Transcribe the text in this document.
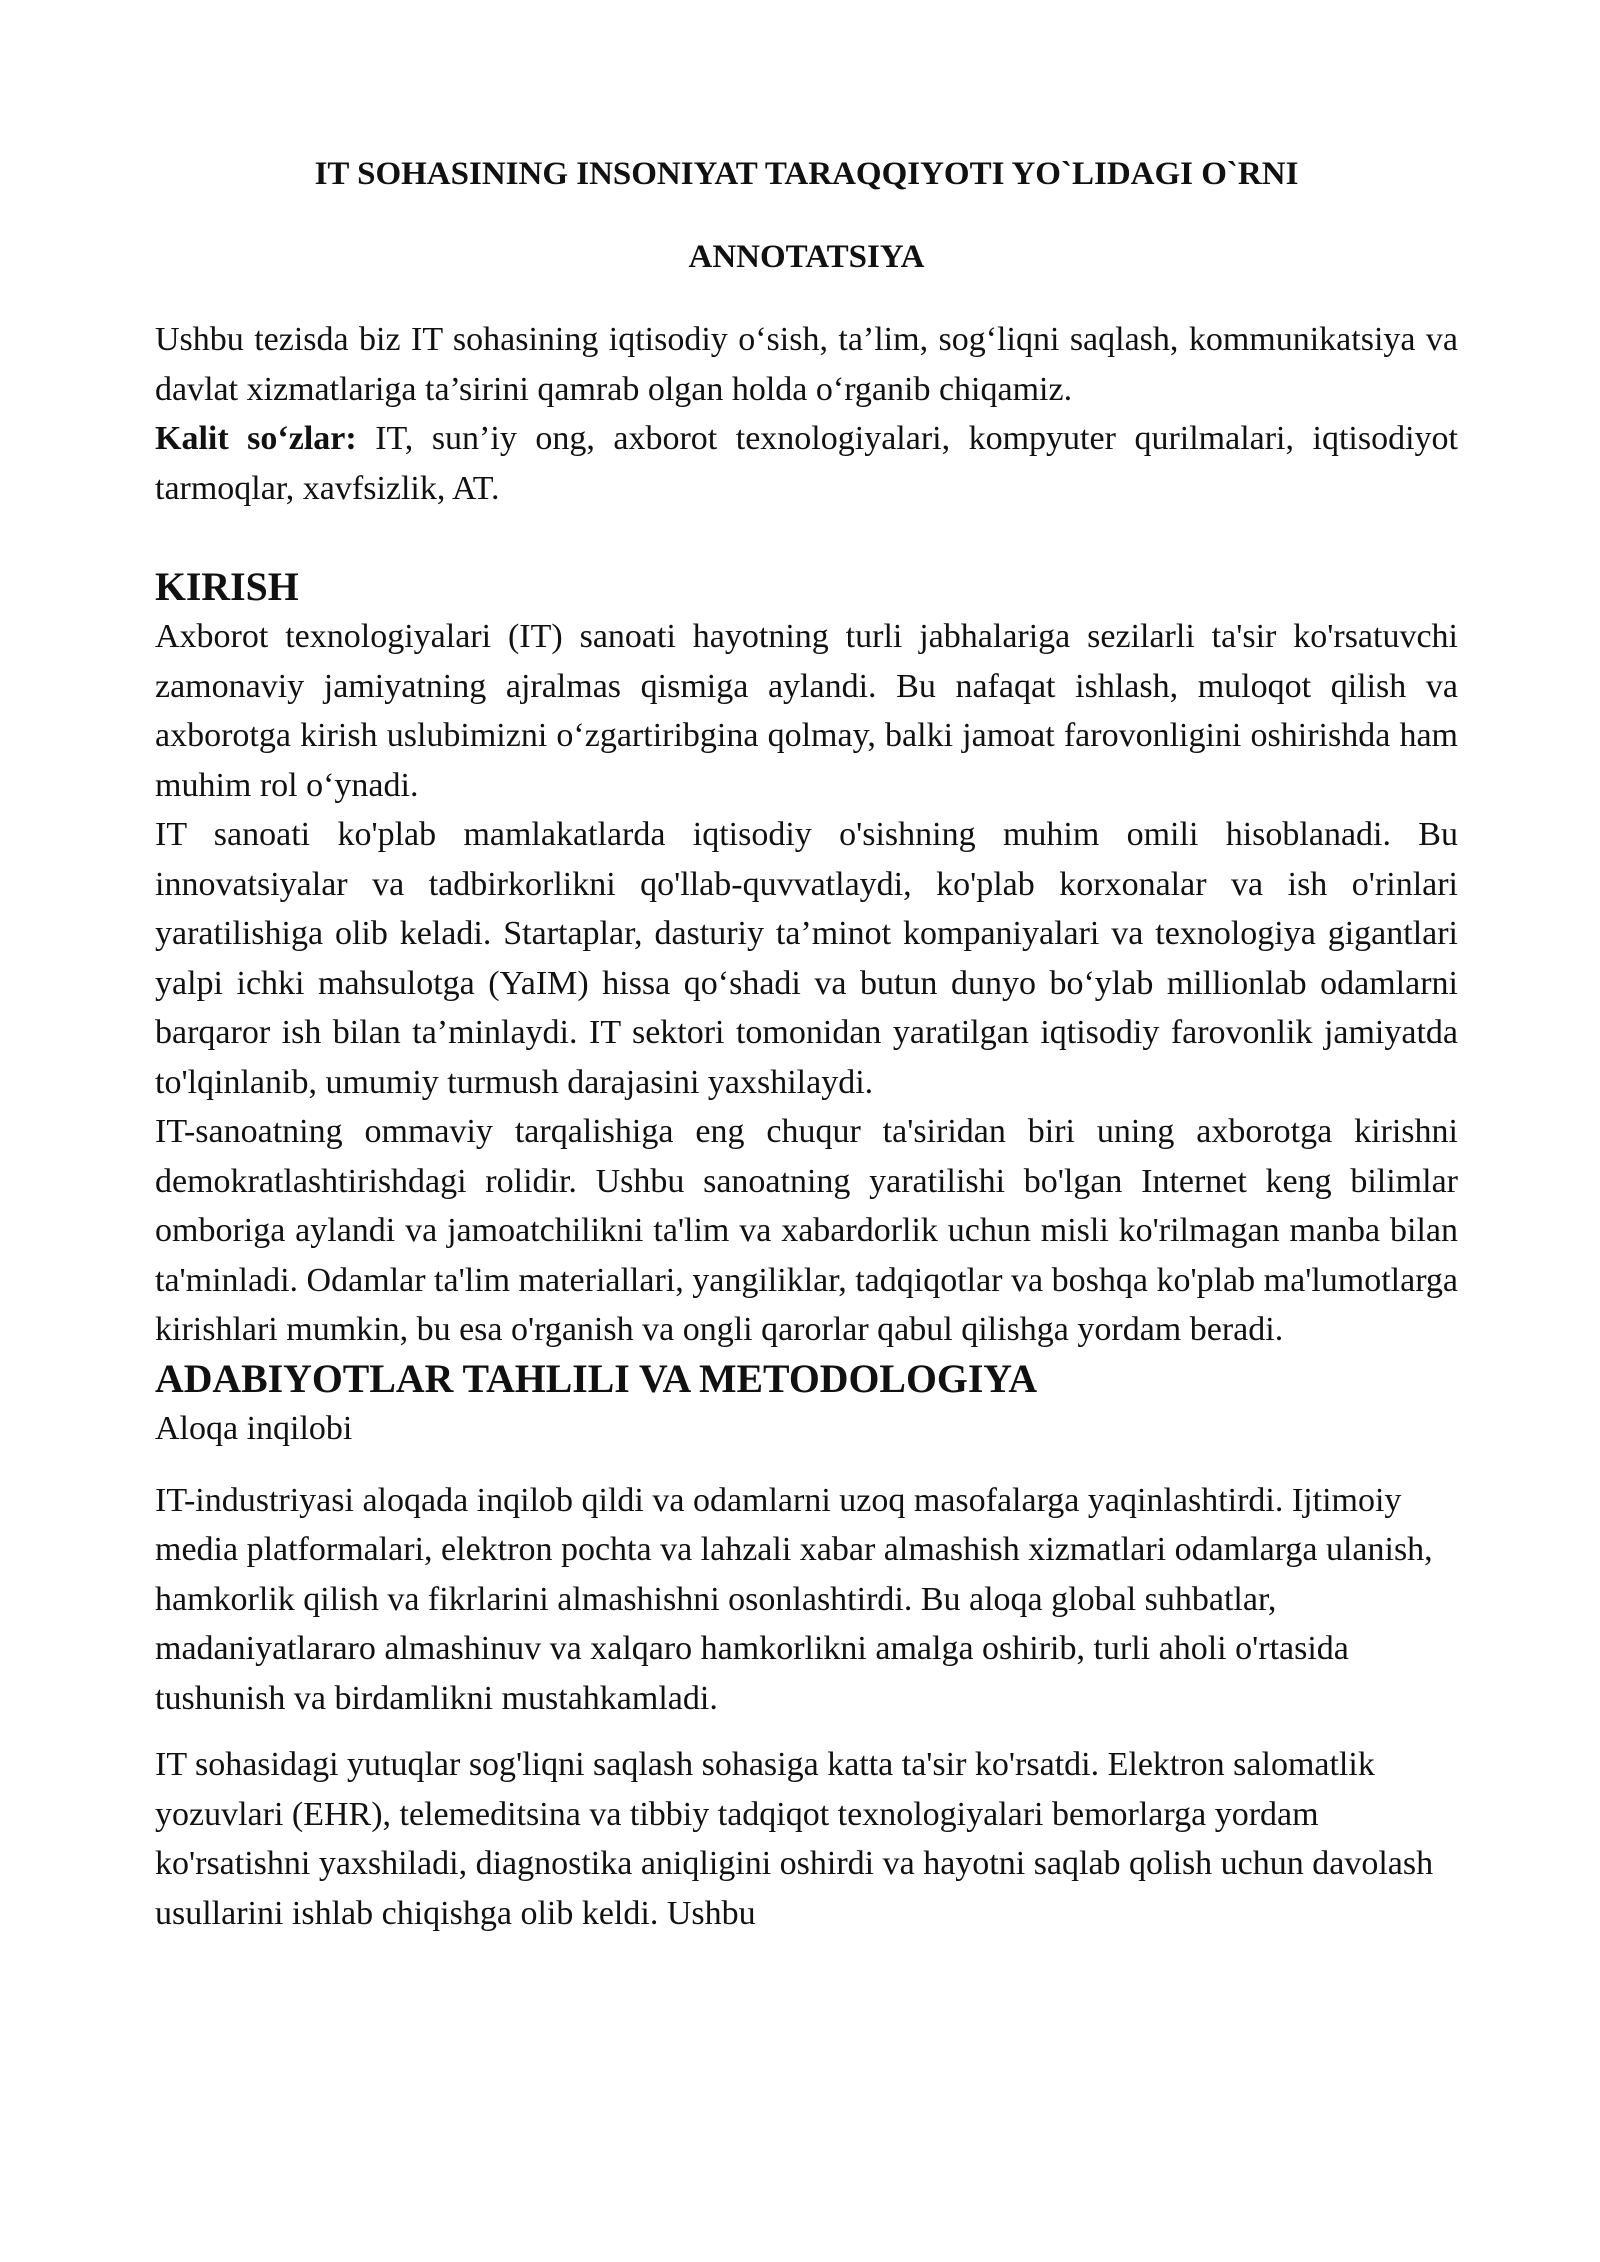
IT SOHASINING INSONIYAT TARAQQIYOTI YO`LIDAGI O`RNI
ANNOTATSIYA

Ushbu tezisda biz IT sohasining iqtisodiy o‘sish, ta’lim, sog‘liqni saqlash, kommunikatsiya va davlat xizmatlariga ta’sirini qamrab olgan holda o‘rganib chiqamiz.

Kalit so‘zlar: IT, sun’iy ong, axborot texnologiyalari, kompyuter qurilmalari, iqtisodiyot tarmoqlar, xavfsizlik, AT.

KIRISH

Axborot texnologiyalari (IT) sanoati hayotning turli jabhalariga sezilarli ta'sir ko'rsatuvchi zamonaviy jamiyatning ajralmas qismiga aylandi. Bu nafaqat ishlash, muloqot qilish va axborotga kirish uslubimizni o‘zgartiribgina qolmay, balki jamoat farovonligini oshirishda ham muhim rol o‘ynadi.

IT sanoati ko'plab mamlakatlarda iqtisodiy o'sishning muhim omili hisoblanadi. Bu innovatsiyalar va tadbirkorlikni qo'llab-quvvatlaydi, ko'plab korxonalar va ish o'rinlari yaratilishiga olib keladi. Startaplar, dasturiy ta’minot kompaniyalari va texnologiya gigantlari yalpi ichki mahsulotga (YaIM) hissa qo‘shadi va butun dunyo bo‘ylab millionlab odamlarni barqaror ish bilan ta’minlaydi. IT sektori tomonidan yaratilgan iqtisodiy farovonlik jamiyatda to'lqinlanib, umumiy turmush darajasini yaxshilaydi.

IT-sanoatning ommaviy tarqalishiga eng chuqur ta'siridan biri uning axborotga kirishni demokratlashtirishdagi rolidir. Ushbu sanoatning yaratilishi bo'lgan Internet keng bilimlar omboriga aylandi va jamoatchilikni ta'lim va xabardorlik uchun misli ko'rilmagan manba bilan ta'minladi. Odamlar ta'lim materiallari, yangiliklar, tadqiqotlar va boshqa ko'plab ma'lumotlarga kirishlari mumkin, bu esa o'rganish va ongli qarorlar qabul qilishga yordam beradi.

ADABIYOTLAR TAHLILI VA METODOLOGIYA

Aloqa inqilobi

IT-industriyasi aloqada inqilob qildi va odamlarni uzoq masofalarga yaqinlashtirdi. Ijtimoiy media platformalari, elektron pochta va lahzali xabar almashish xizmatlari odamlarga ulanish, hamkorlik qilish va fikrlarini almashishni osonlashtirdi. Bu aloqa global suhbatlar, madaniyatlararo almashinuv va xalqaro hamkorlikni amalga oshirib, turli aholi o'rtasida tushunish va birdamlikni mustahkamladi.

IT sohasidagi yutuqlar sog'liqni saqlash sohasiga katta ta'sir ko'rsatdi. Elektron salomatlik yozuvlari (EHR), telemeditsina va tibbiy tadqiqot texnologiyalari bemorlarga yordam ko'rsatishni yaxshiladi, diagnostika aniqligini oshirdi va hayotni saqlab qolish uchun davolash usullarini ishlab chiqishga olib keldi. Ushbu
